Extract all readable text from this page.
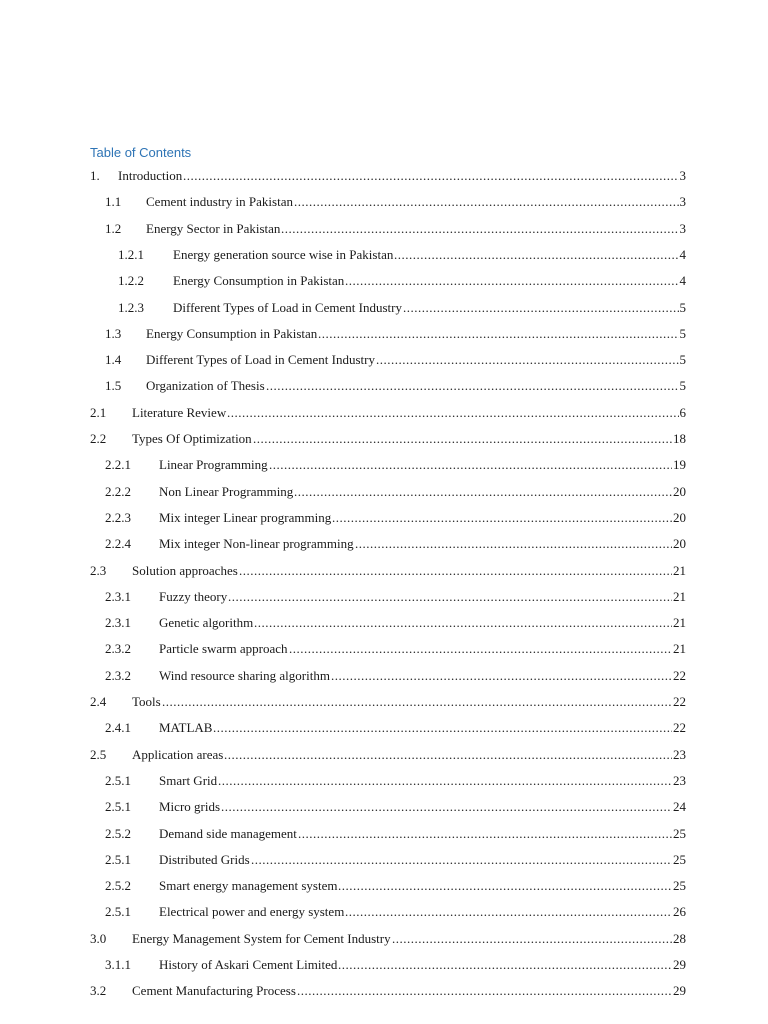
Table of Contents
1. Introduction .....	3
1.1 Cement industry in Pakistan .....	3
1.2 Energy Sector in Pakistan .....	3
1.2.1 Energy generation source wise in Pakistan .....	4
1.2.2 Energy Consumption in Pakistan .....	4
1.2.3 Different Types of Load in Cement Industry .....	5
1.3 Energy Consumption in Pakistan .....	5
1.4 Different Types of Load in Cement Industry .....	5
1.5 Organization of Thesis .....	5
2.1 Literature Review .....	6
2.2 Types Of Optimization .....	18
2.2.1 Linear Programming .....	19
2.2.2 Non Linear Programming .....	20
2.2.3 Mix integer Linear programming .....	20
2.2.4 Mix integer Non-linear programming .....	20
2.3 Solution approaches .....	21
2.3.1 Fuzzy theory .....	21
2.3.1 Genetic algorithm .....	21
2.3.2 Particle swarm approach .....	21
2.3.2 Wind resource sharing algorithm .....	22
2.4 Tools .....	22
2.4.1 MATLAB .....	22
2.5 Application areas .....	23
2.5.1 Smart Grid .....	23
2.5.1 Micro grids .....	24
2.5.2 Demand side management .....	25
2.5.1 Distributed Grids .....	25
2.5.2 Smart energy management system .....	25
2.5.1 Electrical power and energy system .....	26
3.0 Energy Management System for Cement Industry .....	28
3.1.1 History of Askari Cement Limited .....	29
3.2 Cement Manufacturing Process .....	29
